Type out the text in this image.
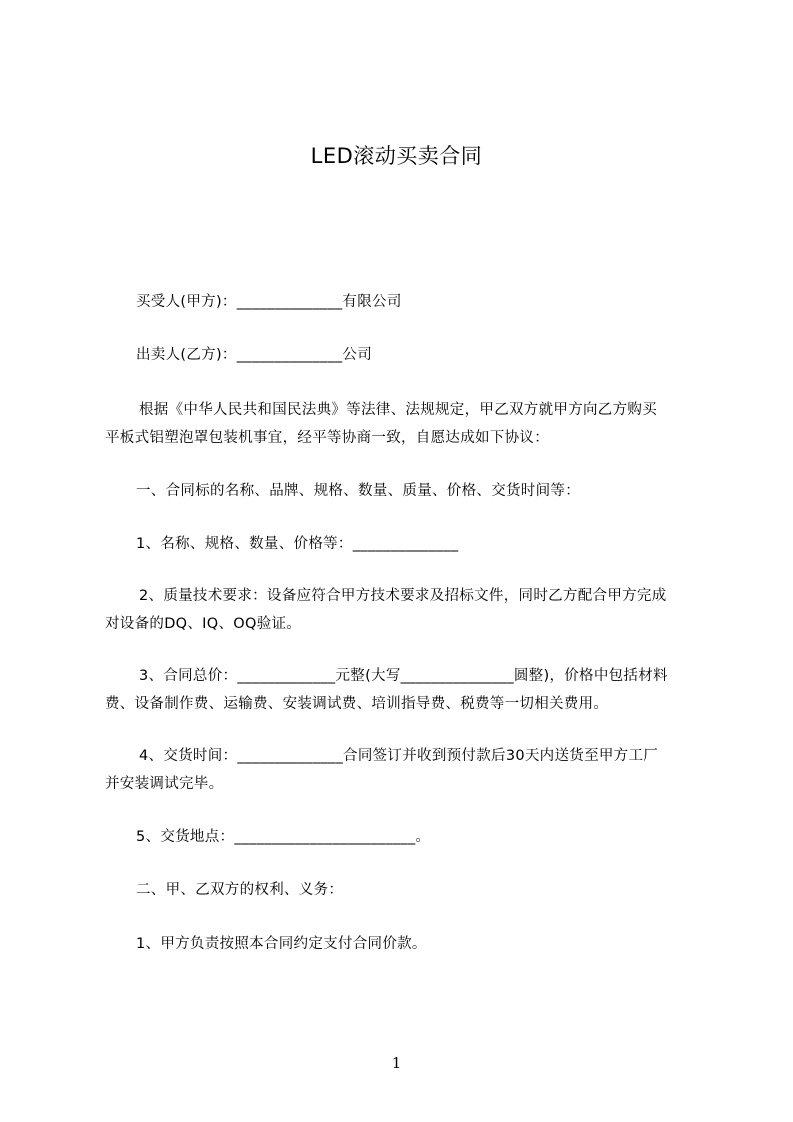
LED滚动买卖合同
买受人(甲方)：______________有限公司
出卖人(乙方)：______________公司
根据《中华人民共和国民法典》等法律、法规规定，甲乙双方就甲方向乙方购买
平板式铝塑泡罩包装机事宜，经平等协商一致，自愿达成如下协议：
一、合同标的名称、品牌、规格、数量、质量、价格、交货时间等：
1、名称、规格、数量、价格等：______________
2、质量技术要求：设备应符合甲方技术要求及招标文件，同时乙方配合甲方完成
对设备的DQ、IQ、OQ验证。
3、合同总价：_____________元整(大写_______________圆整)，价格中包括材料
费、设备制作费、运输费、安装调试费、培训指导费、税费等一切相关费用。
4、交货时间：______________合同签订并收到预付款后30天内送货至甲方工厂
并安装调试完毕。
5、交货地点：________________________。
二、甲、乙双方的权利、义务：
1、甲方负责按照本合同约定支付合同价款。
1
